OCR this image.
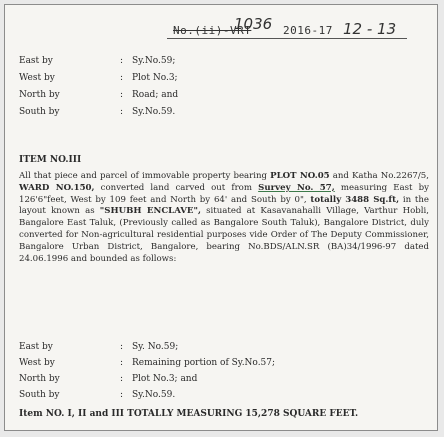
No.(ii)-VRT
1036 2016-17 12 - 13
East by	: Sy.No.59;
West by	: Plot No.3;
North by	: Road; and
South by	: Sy.No.59.
ITEM NO.III
All that piece and parcel of immovable property bearing PLOT NO.05 and Katha No.2267/5, WARD NO.150, converted land carved out from Survey No. 57, measuring East by 126'6"feet, West by 109 feet and North by 64' and South by 0", totally 3488 Sq.ft, in the layout known as "SHUBH ENCLAVE", situated at Kasavanahalli Village, Varthur Hobli, Bangalore East Taluk, (Previously called as Bangalore South Taluk), Bangalore District, duly converted for Non-agricultural residential purposes vide Order of The Deputy Commissioner, Bangalore Urban District, Bangalore, bearing No.BDS/ALN.SR (BA)34/1996-97 dated 24.06.1996 and bounded as follows:
East by	: Sy. No.59;
West by	: Remaining portion of Sy.No.57;
North by	: Plot No.3; and
South by	: Sy.No.59.
Item NO. I, II and III TOTALLY MEASURING 15,278 SQUARE FEET.
